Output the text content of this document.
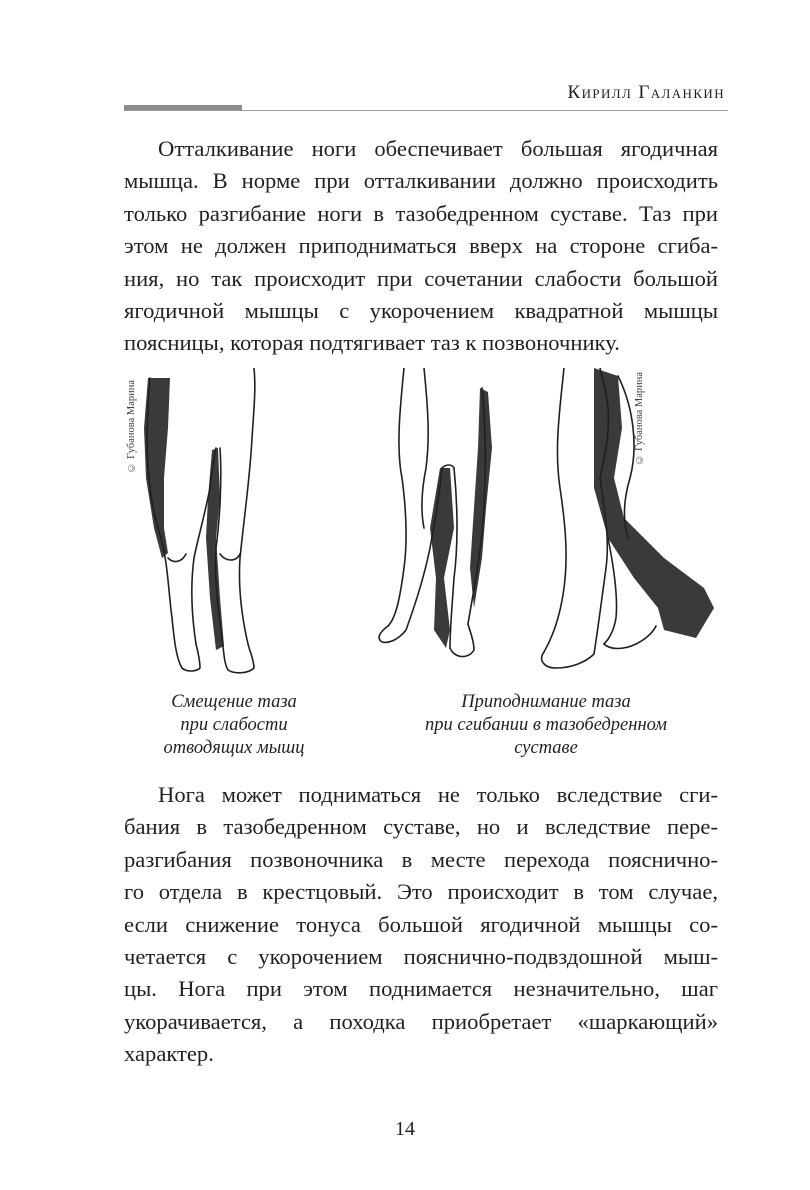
Кирилл Галанкин

Отталкивание ноги обеспечивает большая ягодичная
мышца. В норме при отталкивании должно происходить
только разгибание ноги в тазобедренном суставе. Таз при
этом не должен приподниматься вверх на стороне сгиба-
ния, но так происходит при сочетании слабости большой
ягодичной мышцы с укорочением квадратной мышцы
поясницы, которая подтягивает таз к позвоночнику.

© Губанова Марина	© Губанова Марина
Смещение таза
при слабости
отводящих мышц
Приподнимание таза
при сгибании в тазобедренном
суставе

Нога может подниматься не только вследствие сги-
бания в тазобедренном суставе, но и вследствие пере-
разгибания позвоночника в месте перехода пояснично-
го отдела в крестцовый. Это происходит в том случае,
если снижение тонуса большой ягодичной мышцы со-
четается с укорочением пояснично-подвздошной мыш-
цы. Нога при этом поднимается незначительно, шаг
укорачивается, а походка приобретает «шаркающий»
характер.

14
